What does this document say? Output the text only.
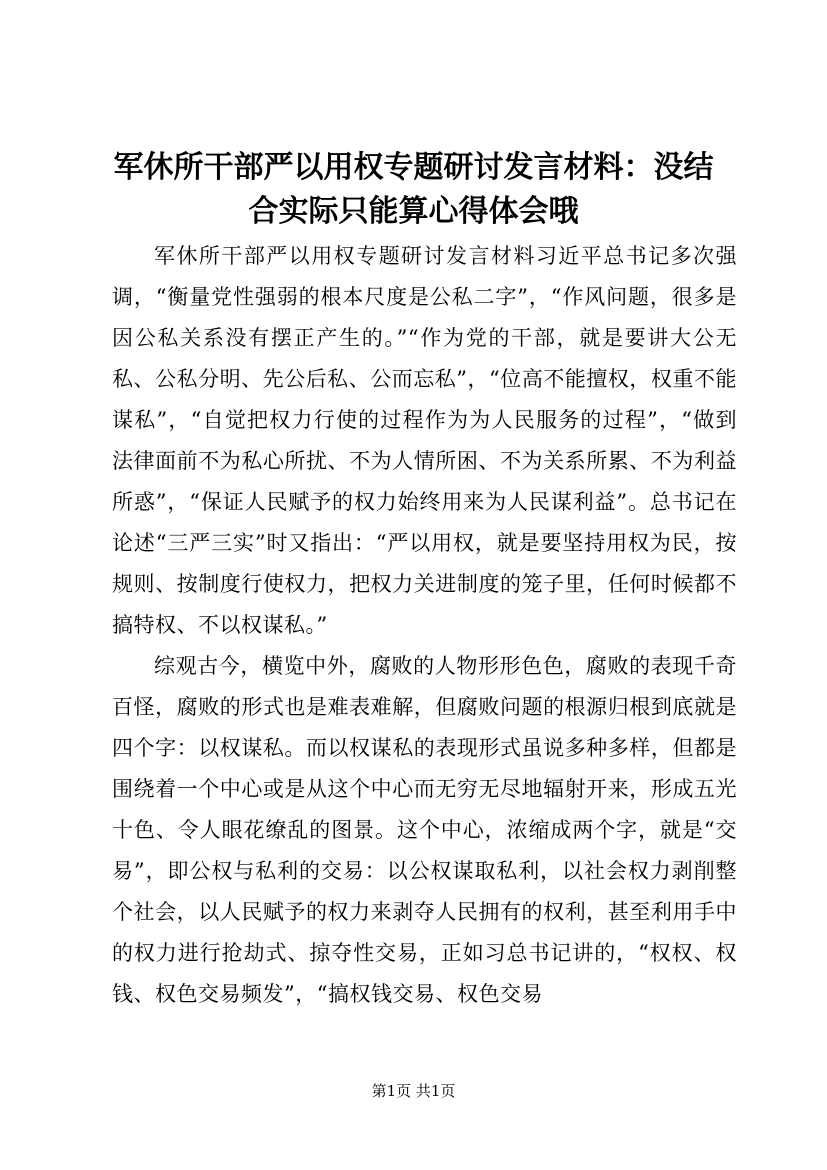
军休所干部严以用权专题研讨发言材料：没结合实际只能算心得体会哦

军休所干部严以用权专题研讨发言材料习近平总书记多次强调，“衡量党性强弱的根本尺度是公私二字”，“作风问题，很多是因公私关系没有摆正产生的。”“作为党的干部，就是要讲大公无私、公私分明、先公后私、公而忘私”，“位高不能擅权，权重不能谋私”，“自觉把权力行使的过程作为为人民服务的过程”，“做到法律面前不为私心所扰、不为人情所困、不为关系所累、不为利益所惑”，“保证人民赋予的权力始终用来为人民谋利益”。总书记在论述“三严三实”时又指出：“严以用权，就是要坚持用权为民，按规则、按制度行使权力，把权力关进制度的笼子里，任何时候都不搞特权、不以权谋私。”

综观古今，横览中外，腐败的人物形形色色，腐败的表现千奇百怪，腐败的形式也是难表难解，但腐败问题的根源归根到底就是四个字：以权谋私。而以权谋私的表现形式虽说多种多样，但都是围绕着一个中心或是从这个中心而无穷无尽地辐射开来，形成五光十色、令人眼花缭乱的图景。这个中心，浓缩成两个字，就是“交易”，即公权与私利的交易：以公权谋取私利，以社会权力剥削整个社会，以人民赋予的权力来剥夺人民拥有的权利，甚至利用手中的权力进行抢劫式、掠夺性交易，正如习总书记讲的，“权权、权钱、权色交易频发”，“搞权钱交易、权色交易

第1页 共1页
